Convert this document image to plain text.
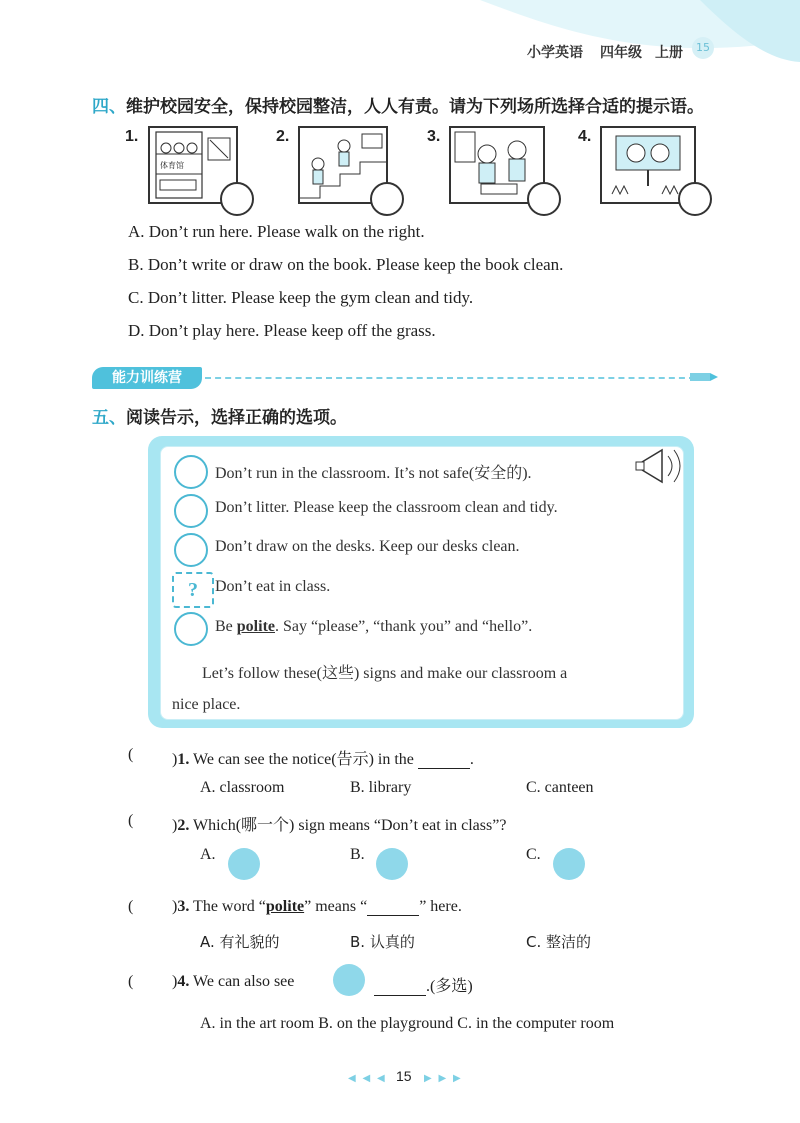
小学英语 四年级 上册	15
四、维护校园安全，保持校园整洁，人人有责。请为下列场所选择合适的提示语。
1.
体育馆
2.	3.	4.
A. Don’t run here. Please walk on the right.
B. Don’t write or draw on the book. Please keep the book clean.
C. Don’t litter. Please keep the gym clean and tidy.
D. Don’t play here. Please keep off the grass.
能力训练营
五、阅读告示，选择正确的选项。
Don’t run in the classroom. It’s not safe(安全的).
Don’t litter. Please keep the classroom clean and tidy.
Don’t draw on the desks. Keep our desks clean.
?	Don’t eat in class.
Be polite. Say “please”, “thank you” and “hello”.
Let’s follow these(这些) signs and make our classroom a
nice place.
( )1. We can see the notice(告示) in the	.
A. classroom	B. library	C. canteen
( )2. Which(哪一个) sign means “Don’t eat in class”?
A.	B.	C.
( )3. The word “polite” means “	” here.
A. 有礼貌的	B. 认真的	C. 整洁的
( )4. We can also see	.(多选)
A. in the art room B. on the playground C. in the computer room
◀ ◀ ◀ 15 ▶ ▶ ▶
